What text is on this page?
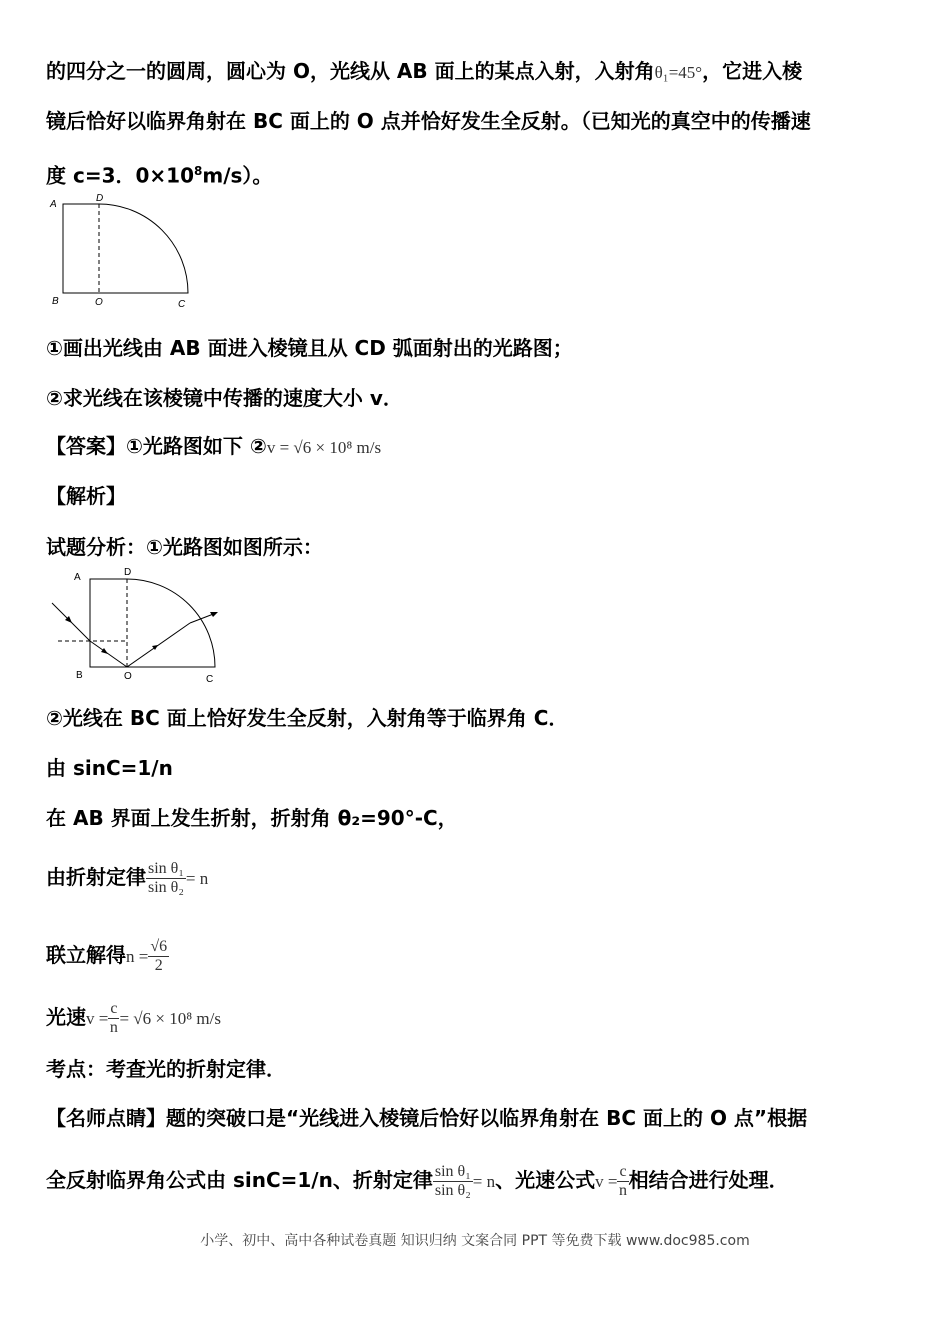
的四分之一的圆周，圆心为 O，光线从 AB 面上的某点入射，入射角θ₁=45°，它进入棱
镜后恰好以临界角射在 BC 面上的 O 点并恰好发生全反射。（已知光的真空中的传播速
度 c=3．$0\times 10^8m/s$）。
A
D
B	O	C
①画出光线由 AB 面进入棱镜且从 CD 弧面射出的光路图；
②求光线在该棱镜中传播的速度大小 v．
【答案】①光路图如下 ②v = √6 × 10⁸ m/s
【解析】
试题分析：①光路图如图所示：
A	D
B	O	C
②光线在 BC 面上恰好发生全反射，入射角等于临界角 C．
由 sinC=1/n
在 AB 界面上发生折射，折射角 θ₂=90°-C，
由折射定律 $\frac{\text{sin θ₁}}{\text{sin θ₂}} = n$
联立解得$n = \frac{√6}{2}$
光速$v = \frac{c}{n} = √6 \times 10^8$ m/s
考点：考查光的折射定律．
【名师点睛】题的突破口是“光线进入棱镜后恰好以临界角射在 BC 面上的 O 点”根据
全反射临界角公式由 sinC=1/n、折射定律 $\frac{\text{sin θ₁}}{\text{sin θ₂}} = n$、光速公式$v = \frac{c}{n}$ 相结合进行处理．
小学、初中、高中各种试卷真题 知识归纳 文案合同 PPT 等免费下载 www.doc985.com
